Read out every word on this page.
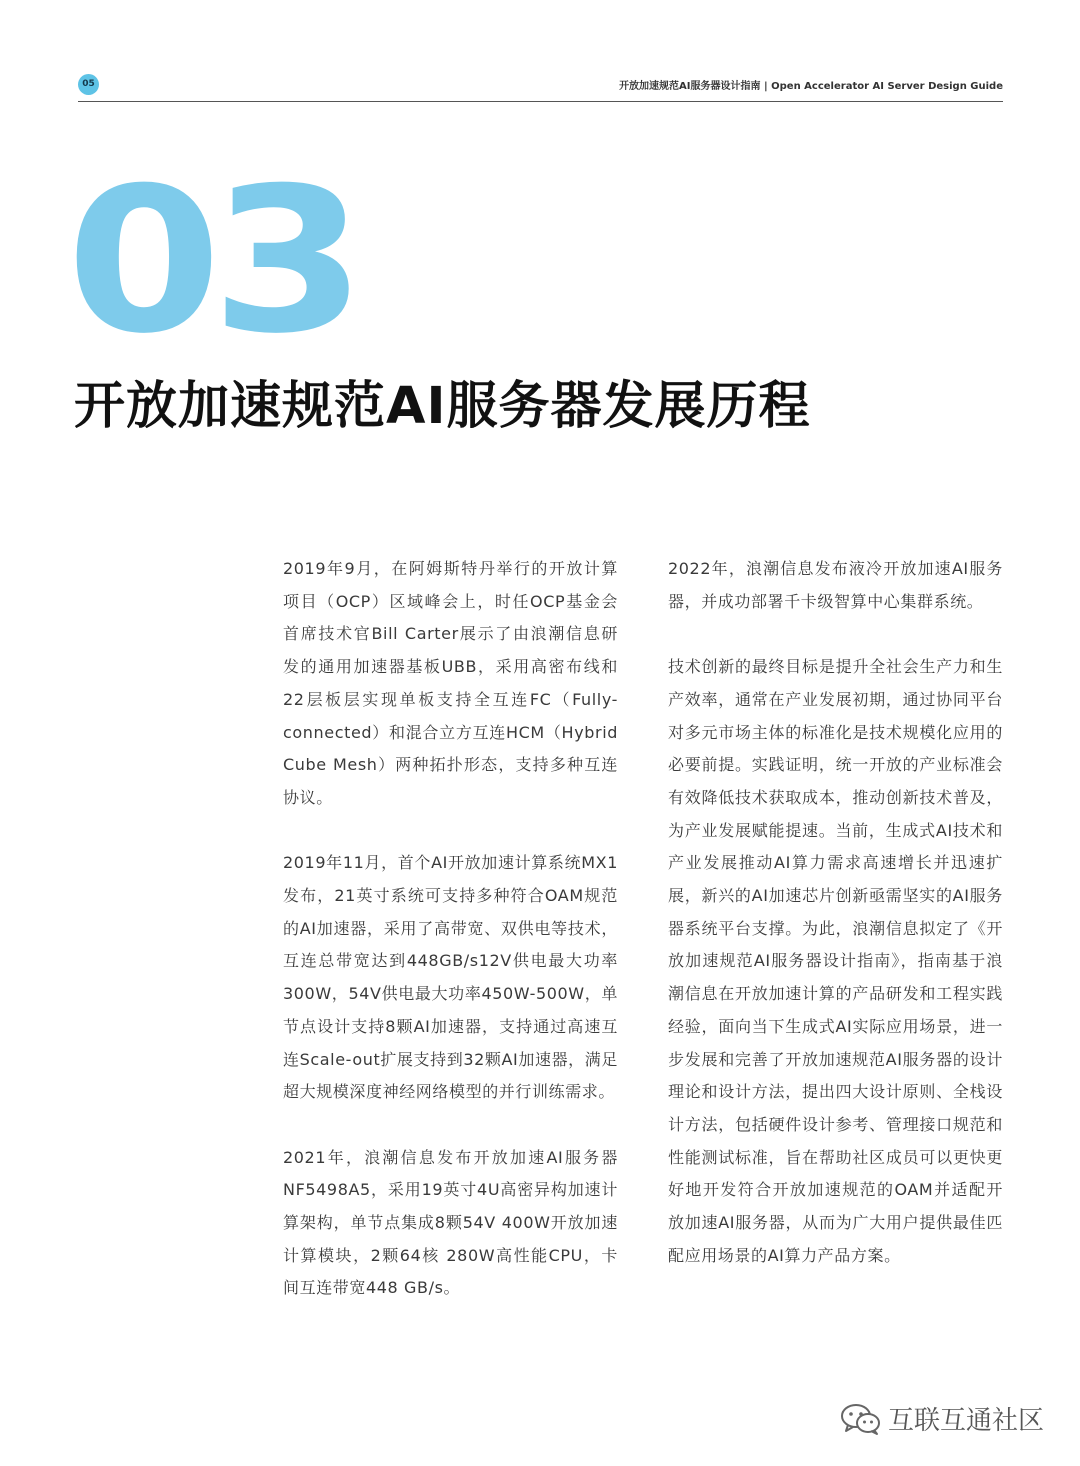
05	开放加速规范AI服务器设计指南 | Open Accelerator AI Server Design Guide
03
开放加速规范AI服务器发展历程

2019年9月，在阿姆斯特丹举行的开放计算项目（OCP）区域峰会上，时任OCP基金会首席技术官Bill Carter展示了由浪潮信息研发的通用加速器基板UBB，采用高密布线和22层板层实现单板支持全互连FC（Fully-connected）和混合立方互连HCM（Hybrid Cube Mesh）两种拓扑形态，支持多种互连协议。

2019年11月，首个AI开放加速计算系统MX1发布，21英寸系统可支持多种符合OAM规范的AI加速器，采用了高带宽、双供电等技术，互连总带宽达到448GB/s12V供电最大功率300W，54V供电最大功率450W-500W，单节点设计支持8颗AI加速器，支持通过高速互连Scale-out扩展支持到32颗AI加速器，满足超大规模深度神经网络模型的并行训练需求。

2021年，浪潮信息发布开放加速AI服务器NF5498A5，采用19英寸4U高密异构加速计算架构，单节点集成8颗54V 400W开放加速计算模块，2颗64核 280W高性能CPU，卡间互连带宽448 GB/s。

2022年，浪潮信息发布液冷开放加速AI服务器，并成功部署千卡级智算中心集群系统。

技术创新的最终目标是提升全社会生产力和生产效率，通常在产业发展初期，通过协同平台对多元市场主体的标准化是技术规模化应用的必要前提。实践证明，统一开放的产业标准会有效降低技术获取成本，推动创新技术普及，为产业发展赋能提速。当前，生成式AI技术和产业发展推动AI算力需求高速增长并迅速扩展，新兴的AI加速芯片创新亟需坚实的AI服务器系统平台支撑。为此，浪潮信息拟定了《开放加速规范AI服务器设计指南》，指南基于浪潮信息在开放加速计算的产品研发和工程实践经验，面向当下生成式AI实际应用场景，进一步发展和完善了开放加速规范AI服务器的设计理论和设计方法，提出四大设计原则、全栈设计方法，包括硬件设计参考、管理接口规范和性能测试标准，旨在帮助社区成员可以更快更好地开发符合开放加速规范的OAM并适配开放加速AI服务器，从而为广大用户提供最佳匹配应用场景的AI算力产品方案。

互联互通社区
